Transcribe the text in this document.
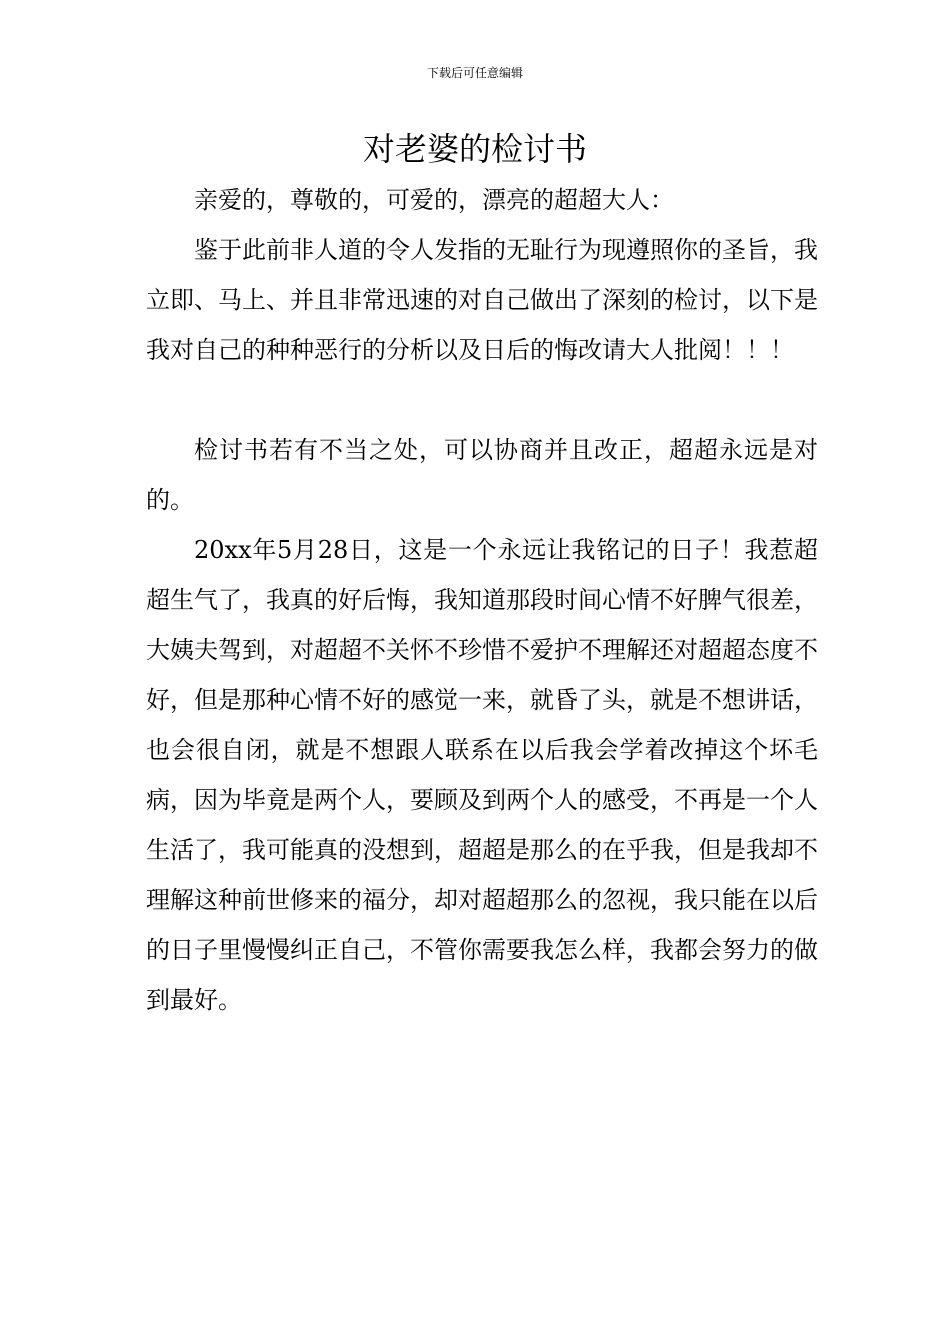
下载后可任意编辑
对老婆的检讨书
亲爱的，尊敬的，可爱的，漂亮的超超大人：

鉴于此前非人道的令人发指的无耻行为现遵照你的圣旨，我立即、马上、并且非常迅速的对自己做出了深刻的检讨，以下是我对自己的种种恶行的分析以及日后的悔改请大人批阅！！！

检讨书若有不当之处，可以协商并且改正，超超永远是对的。

20xx年5月28日，这是一个永远让我铭记的日子！我惹超超生气了，我真的好后悔，我知道那段时间心情不好脾气很差，大姨夫驾到，对超超不关怀不珍惜不爱护不理解还对超超态度不好，但是那种心情不好的感觉一来，就昏了头，就是不想讲话，也会很自闭，就是不想跟人联系在以后我会学着改掉这个坏毛病，因为毕竟是两个人，要顾及到两个人的感受，不再是一个人生活了，我可能真的没想到，超超是那么的在乎我，但是我却不理解这种前世修来的福分，却对超超那么的忽视，我只能在以后的日子里慢慢纠正自己，不管你需要我怎么样，我都会努力的做到最好。
